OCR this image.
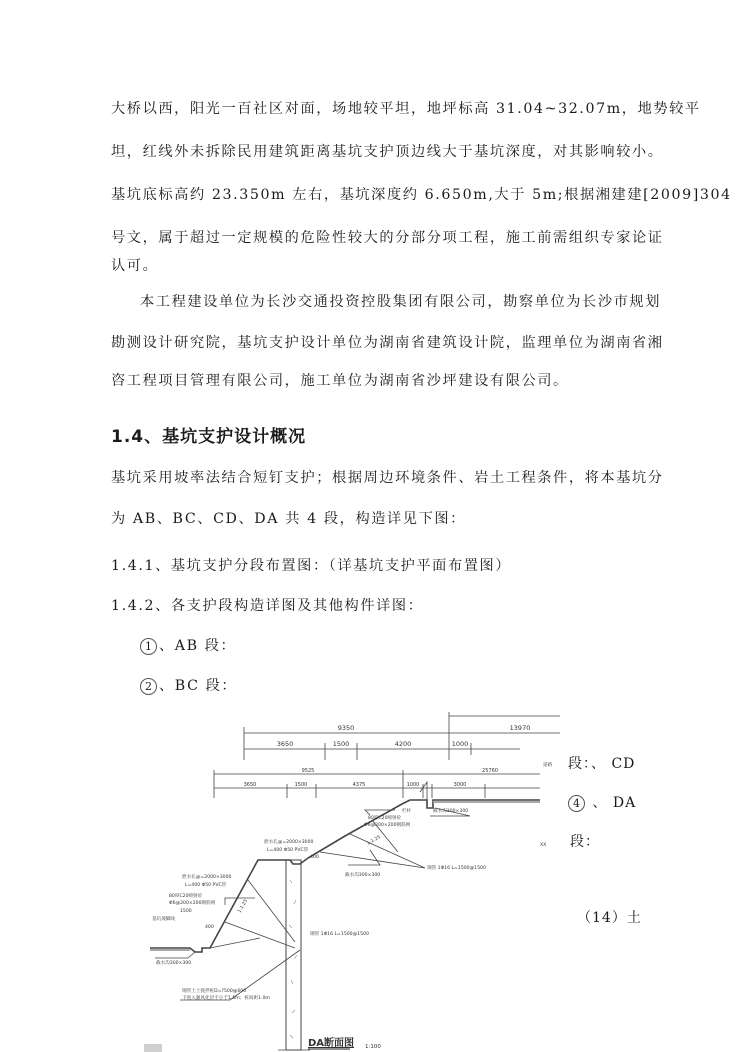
大桥以西，阳光一百社区对面，场地较平坦，地坪标高 31.04~32.07m，地势较平
坦，红线外未拆除民用建筑距离基坑支护顶边线大于基坑深度，对其影响较小。
基坑底标高约 23.350m 左右，基坑深度约 6.650m,大于 5m;根据湘建建[2009]304
号文，属于超过一定规模的危险性较大的分部分项工程，施工前需组织专家论证
认可。
本工程建设单位为长沙交通投资控股集团有限公司，勘察单位为长沙市规划
勘测设计研究院，基坑支护设计单位为湖南省建筑设计院，监理单位为湖南省湘
咨工程项目管理有限公司，施工单位为湖南省沙坪建设有限公司。
1.4、基坑支护设计概况
基坑采用坡率法结合短钉支护；根据周边环境条件、岩土工程条件，将本基坑分
为 AB、BC、CD、DA 共 4 段，构造详见下图：
1.4.1、基坑支护分段布置图：（详基坑支护平面布置图）
1.4.2、各支护段构造详图及其他构件详图：
1 、AB 段：
2 、BC 段：
段：、 CD
4 、 DA
段：
（14）土
9350	13970
3650	1500	4200	1000
9525	25760
3650	1500	4375	1000	3000
栏杆	截水沟300×300
80厚C20喷射砼
Φ6@200×200钢筋网
泄水孔@=2000×3000
L=400 Φ50 PVC管
400
截水沟300×300
钢管 1Φ16 L=1500@1500
泄水孔@=2000×3000
L=400 Φ50 PVC管
80厚C20喷射砼
Φ6@200×200钢筋网
1500
400
基坑坡脚线
截水沟300×300
钢管 1Φ16 L=1500@1500
钢管土土搅拌桩D=?500@600
下进入强风化层不小于1.5m；桩间距1.0m
1:1.25
1:1.25
道路
XX
DA断面图 1:100
